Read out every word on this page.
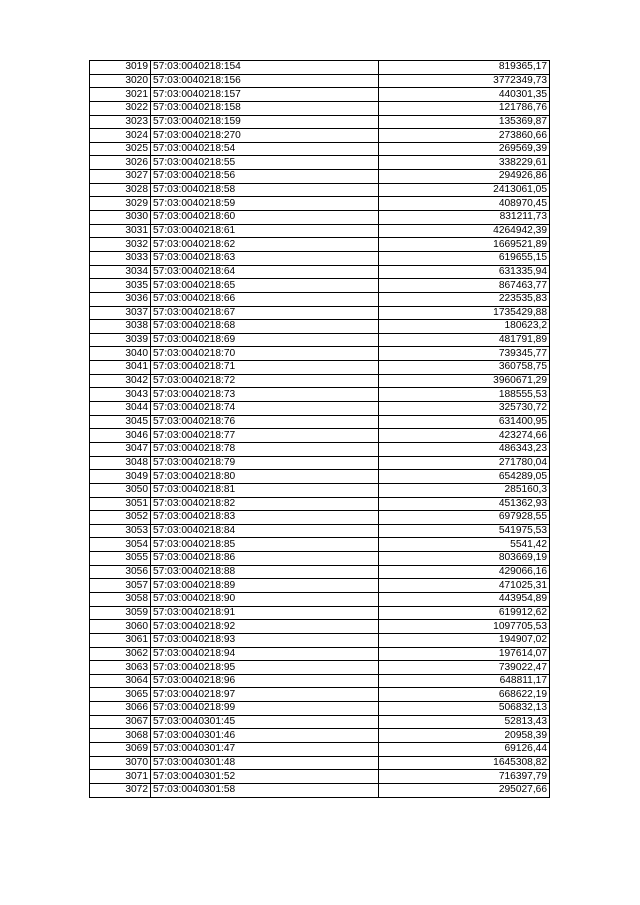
3019	57:03:0040218:154	819365,17
3020	57:03:0040218:156	3772349,73
3021	57:03:0040218:157	440301,35
3022	57:03:0040218:158	121786,76
3023	57:03:0040218:159	135369,87
3024	57:03:0040218:270	273860,66
3025	57:03:0040218:54	269569,39
3026	57:03:0040218:55	338229,61
3027	57:03:0040218:56	294926,86
3028	57:03:0040218:58	2413061,05
3029	57:03:0040218:59	408970,45
3030	57:03:0040218:60	831211,73
3031	57:03:0040218:61	4264942,39
3032	57:03:0040218:62	1669521,89
3033	57:03:0040218:63	619655,15
3034	57:03:0040218:64	631335,94
3035	57:03:0040218:65	867463,77
3036	57:03:0040218:66	223535,83
3037	57:03:0040218:67	1735429,88
3038	57:03:0040218:68	180623,2
3039	57:03:0040218:69	481791,89
3040	57:03:0040218:70	739345,77
3041	57:03:0040218:71	360758,75
3042	57:03:0040218:72	3960671,29
3043	57:03:0040218:73	188555,53
3044	57:03:0040218:74	325730,72
3045	57:03:0040218:76	631400,95
3046	57:03:0040218:77	423274,66
3047	57:03:0040218:78	486343,23
3048	57:03:0040218:79	271780,04
3049	57:03:0040218:80	654289,05
3050	57:03:0040218:81	285160,3
3051	57:03:0040218:82	451362,93
3052	57:03:0040218:83	697928,55
3053	57:03:0040218:84	541975,53
3054	57:03:0040218:85	5541,42
3055	57:03:0040218:86	803669,19
3056	57:03:0040218:88	429066,16
3057	57:03:0040218:89	471025,31
3058	57:03:0040218:90	443954,89
3059	57:03:0040218:91	619912,62
3060	57:03:0040218:92	1097705,53
3061	57:03:0040218:93	194907,02
3062	57:03:0040218:94	197614,07
3063	57:03:0040218:95	739022,47
3064	57:03:0040218:96	648811,17
3065	57:03:0040218:97	668622,19
3066	57:03:0040218:99	506832,13
3067	57:03:0040301:45	52813,43
3068	57:03:0040301:46	20958,39
3069	57:03:0040301:47	69126,44
3070	57:03:0040301:48	1645308,82
3071	57:03:0040301:52	716397,79
3072	57:03:0040301:58	295027,66
